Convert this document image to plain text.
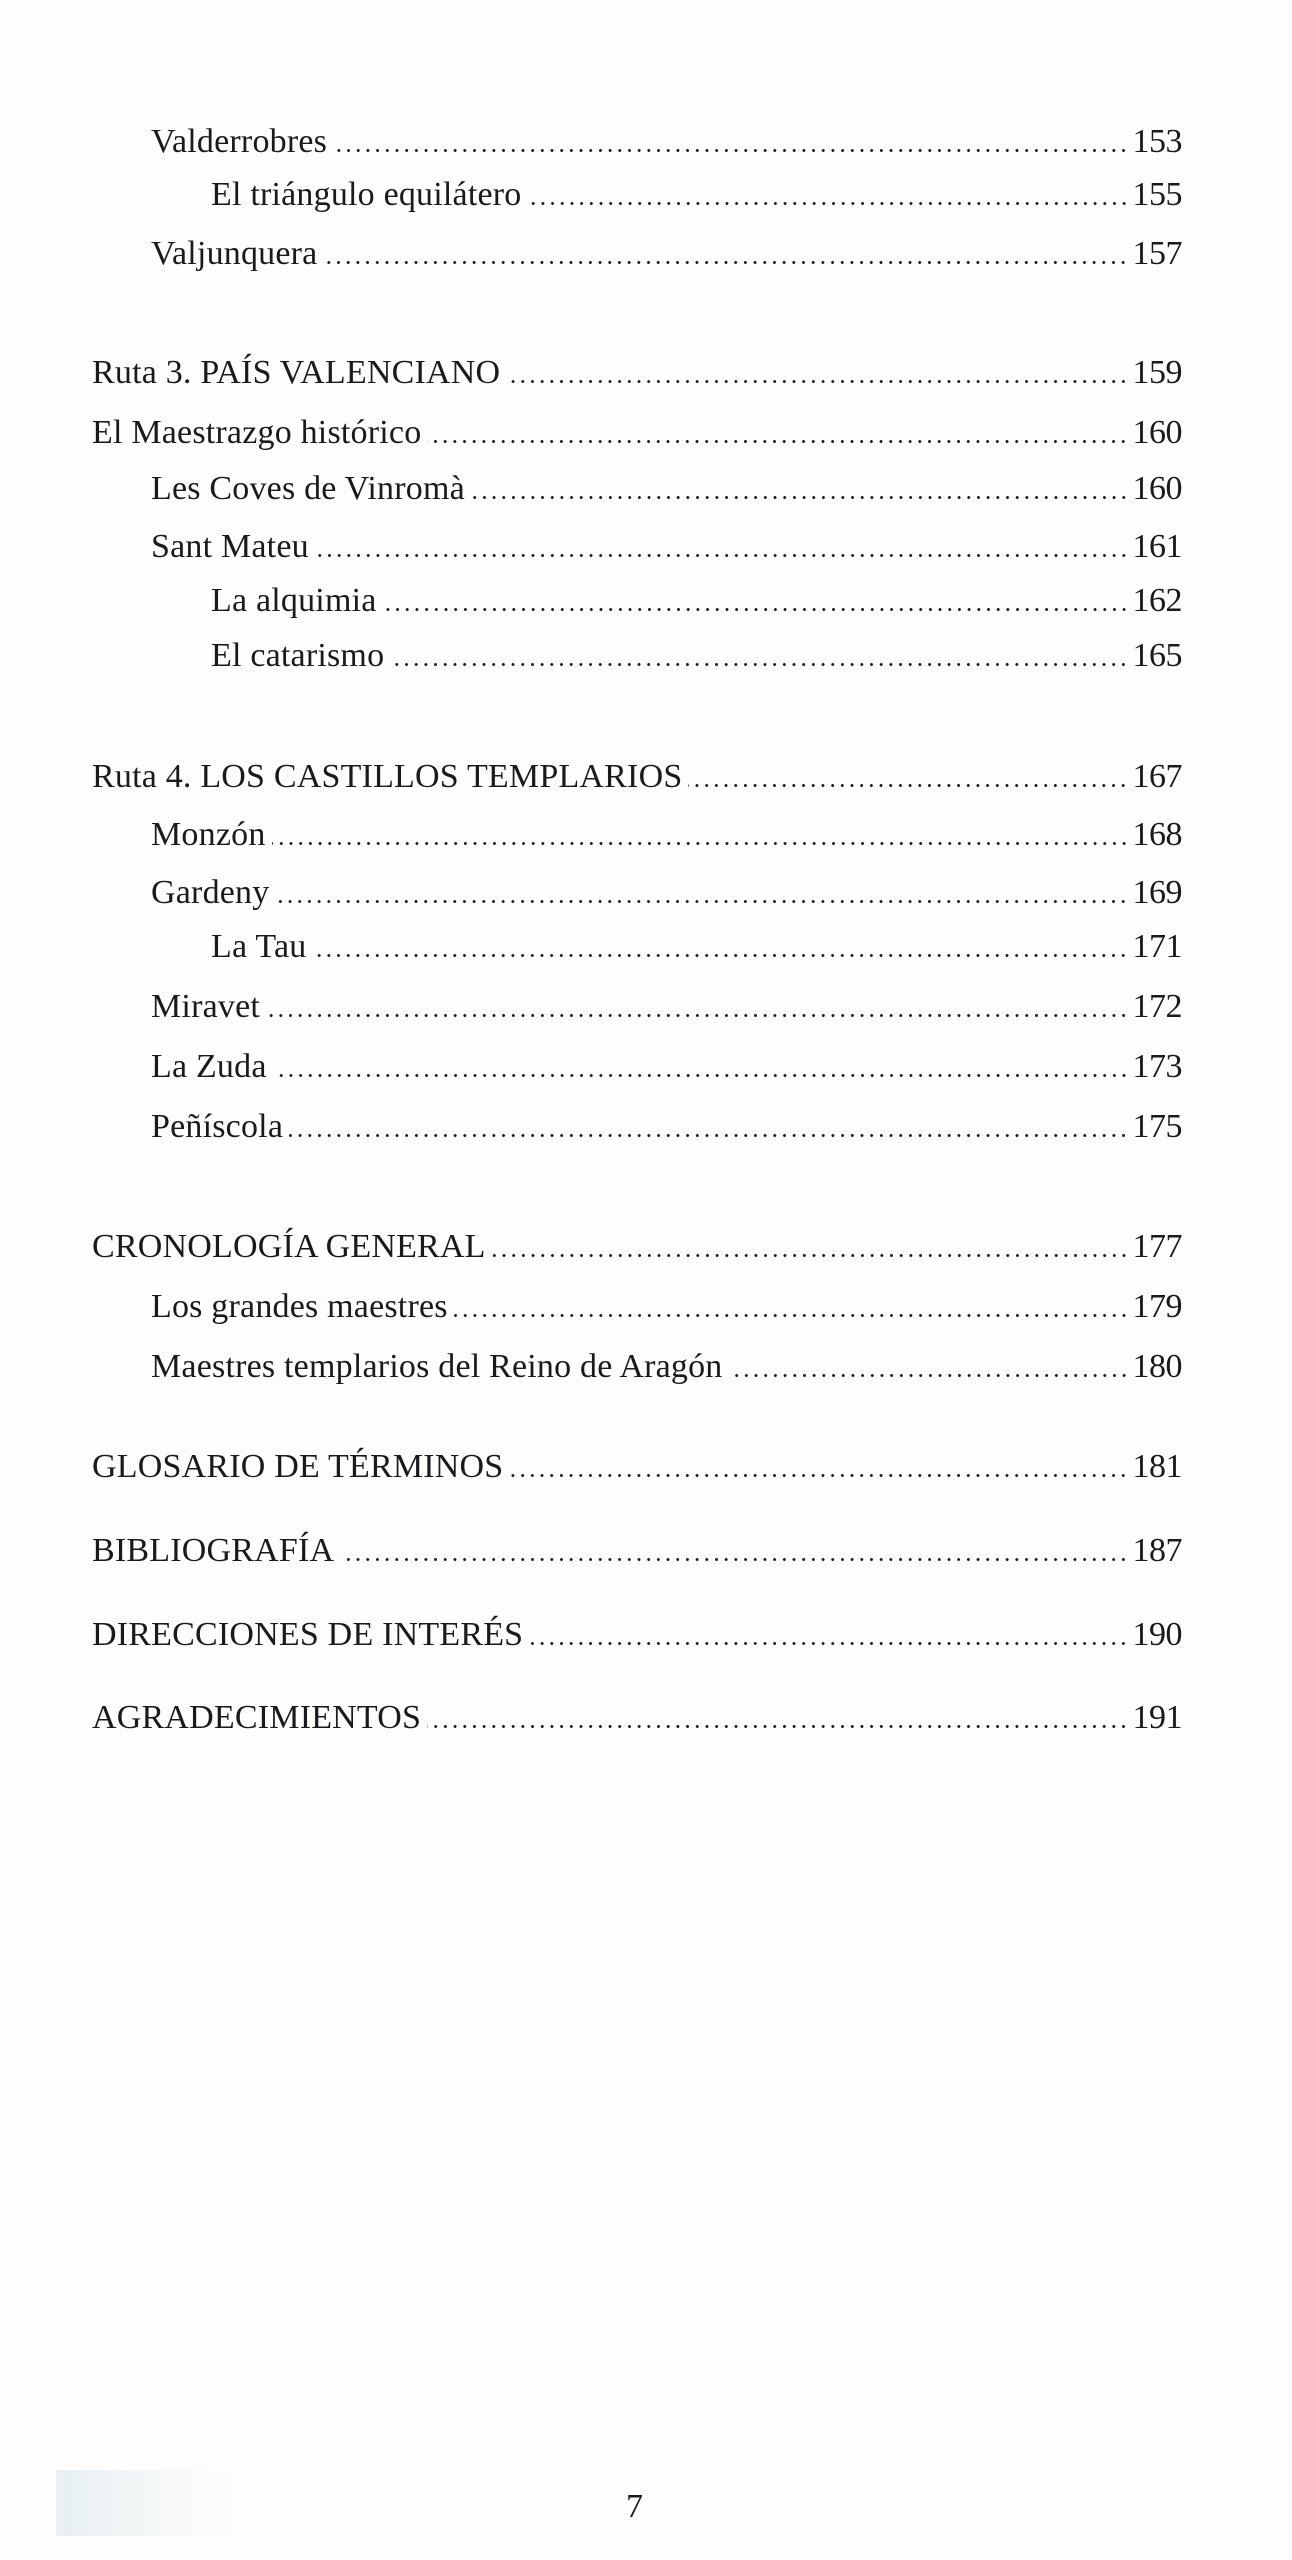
Valderrobres	153
El triángulo equilátero	155
Valjunquera	157
Ruta 3. PAÍS VALENCIANO	159
El Maestrazgo histórico	160
Les Coves de Vinromà	160
Sant Mateu	161
La alquimia	162
El catarismo	165
Ruta 4. LOS CASTILLOS TEMPLARIOS	167
Monzón	168
Gardeny	169
La Tau	171
Miravet	172
La Zuda	173
Peñíscola	175
CRONOLOGÍA GENERAL	177
Los grandes maestres	179
Maestres templarios del Reino de Aragón	180
GLOSARIO DE TÉRMINOS	181
BIBLIOGRAFÍA	187
DIRECCIONES DE INTERÉS	190
AGRADECIMIENTOS	191
7
